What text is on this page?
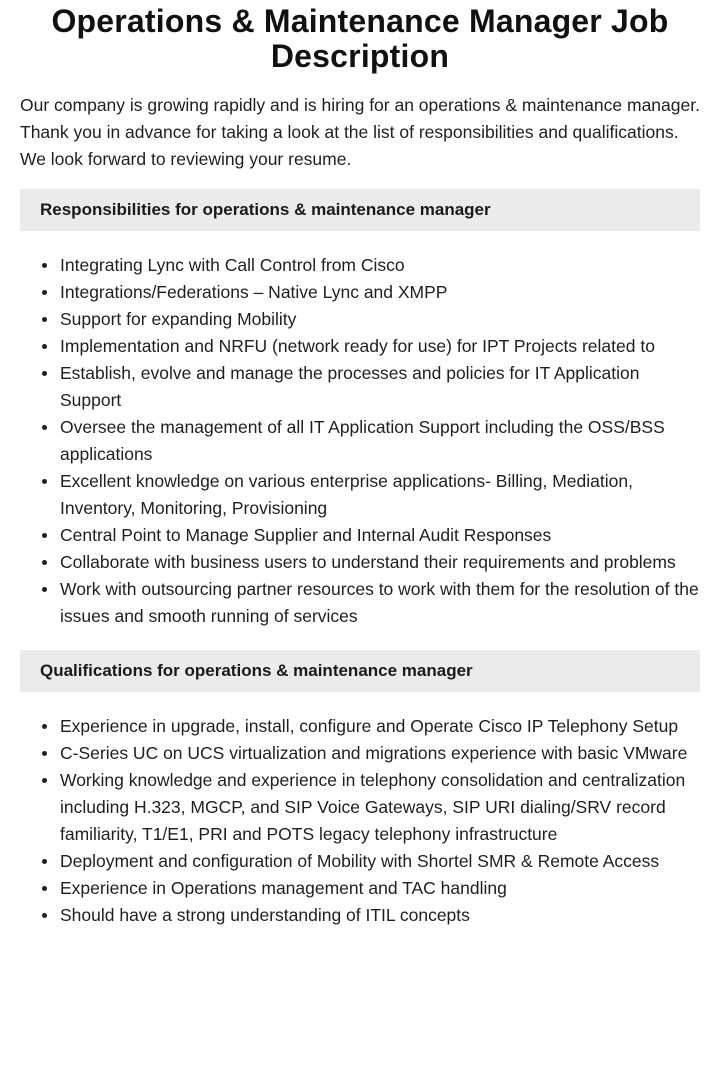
Operations & Maintenance Manager Job Description

Our company is growing rapidly and is hiring for an operations & maintenance manager. Thank you in advance for taking a look at the list of responsibilities and qualifications. We look forward to reviewing your resume.

Responsibilities for operations & maintenance manager
Integrating Lync with Call Control from Cisco
Integrations/Federations – Native Lync and XMPP
Support for expanding Mobility
Implementation and NRFU (network ready for use) for IPT Projects related to
Establish, evolve and manage the processes and policies for IT Application Support
Oversee the management of all IT Application Support including the OSS/BSS applications
Excellent knowledge on various enterprise applications- Billing, Mediation, Inventory, Monitoring, Provisioning
Central Point to Manage Supplier and Internal Audit Responses
Collaborate with business users to understand their requirements and problems
Work with outsourcing partner resources to work with them for the resolution of the issues and smooth running of services
Qualifications for operations & maintenance manager
Experience in upgrade, install, configure and Operate Cisco IP Telephony Setup
C-Series UC on UCS virtualization and migrations experience with basic VMware
Working knowledge and experience in telephony consolidation and centralization including H.323, MGCP, and SIP Voice Gateways, SIP URI dialing/SRV record familiarity, T1/E1, PRI and POTS legacy telephony infrastructure
Deployment and configuration of Mobility with Shortel SMR & Remote Access
Experience in Operations management and TAC handling
Should have a strong understanding of ITIL concepts
